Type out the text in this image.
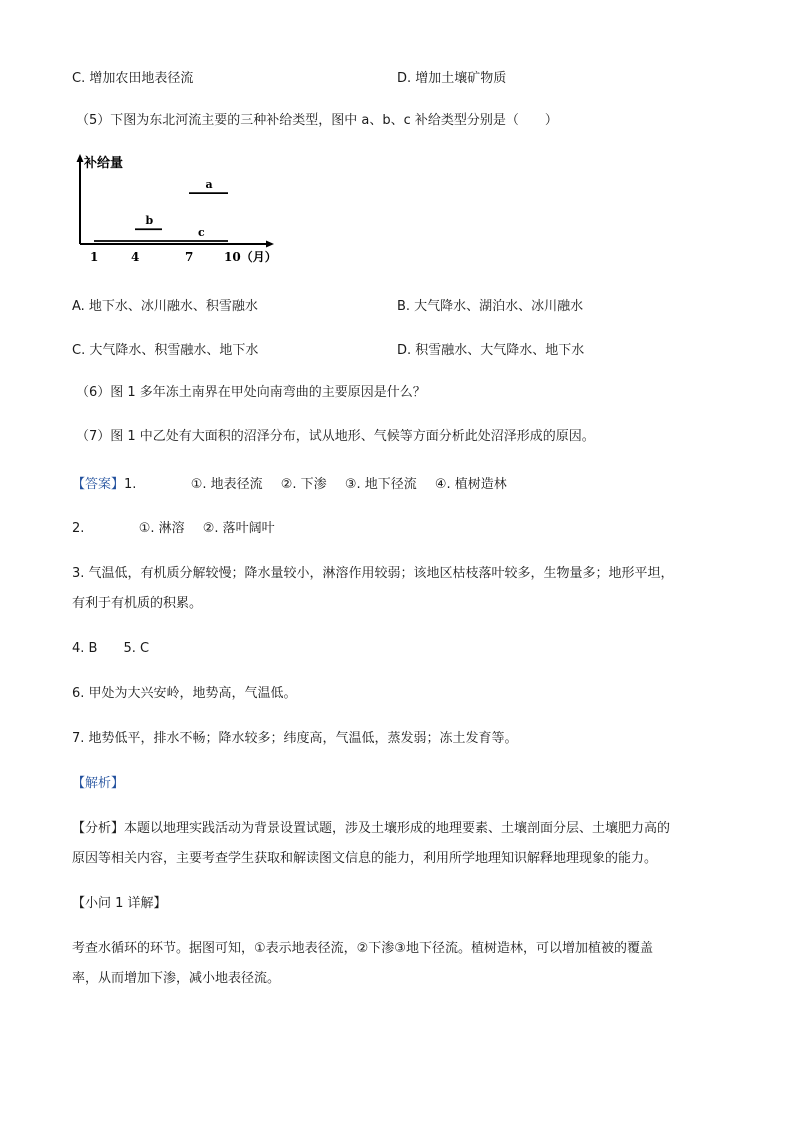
C. 增加农田地表径流	D. 增加土壤矿物质
（5）下图为东北河流主要的三种补给类型，图中 a、b、c 补给类型分别是（　　）
补给量
1	4	7	10（月）
a
b
c
A. 地下水、冰川融水、积雪融水	B. 大气降水、湖泊水、冰川融水
C. 大气降水、积雪融水、地下水	D. 积雪融水、大气降水、地下水
（6）图 1 多年冻土南界在甲处向南弯曲的主要原因是什么？
（7）图 1 中乙处有大面积的沼泽分布，试从地形、气候等方面分析此处沼泽形成的原因。
【答案】1.	①. 地表径流 ②. 下渗 ③. 地下径流 ④. 植树造林
2.	①. 淋溶 ②. 落叶阔叶
3. 气温低，有机质分解较慢；降水量较小，淋溶作用较弱；该地区枯枝落叶较多，生物量多；地形平坦，
有利于有机质的积累。
4. B　　5. C
6. 甲处为大兴安岭，地势高，气温低。
7. 地势低平，排水不畅；降水较多；纬度高，气温低，蒸发弱；冻土发育等。
【解析】
【分析】本题以地理实践活动为背景设置试题，涉及土壤形成的地理要素、土壤剖面分层、土壤肥力高的
原因等相关内容，主要考查学生获取和解读图文信息的能力，利用所学地理知识解释地理现象的能力。
【小问 1 详解】
考查水循环的环节。据图可知，①表示地表径流，②下渗③地下径流。植树造林，可以增加植被的覆盖
率，从而增加下渗，减小地表径流。
